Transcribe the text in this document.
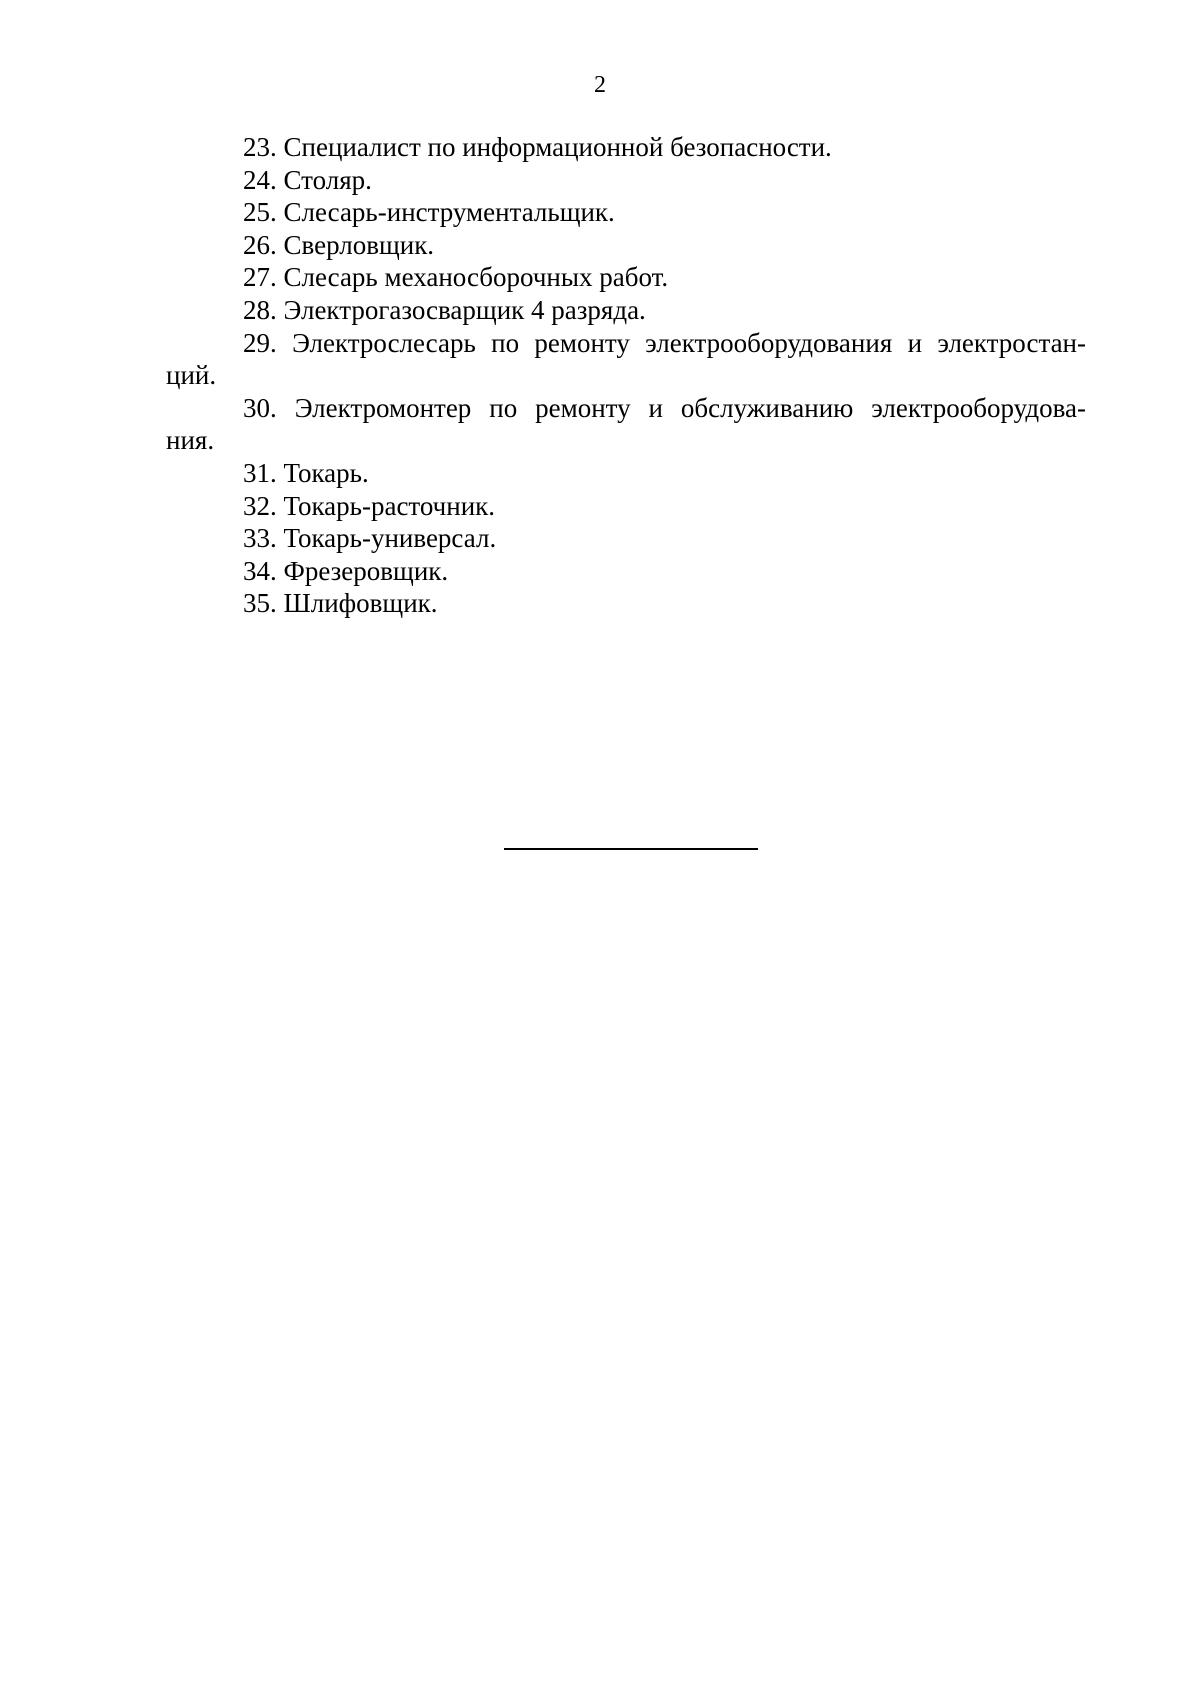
2
23. Специалист по информационной безопасности.
24. Столяр.
25. Слесарь-инструментальщик.
26. Сверловщик.
27. Слесарь механосборочных работ.
28. Электрогазосварщик 4 разряда.
29. Электрослесарь по ремонту электрооборудования и электростан-
ций.
30. Электромонтер по ремонту и обслуживанию электрооборудова-
ния.
31. Токарь.
32. Токарь-расточник.
33. Токарь-универсал.
34. Фрезеровщик.
35. Шлифовщик.
